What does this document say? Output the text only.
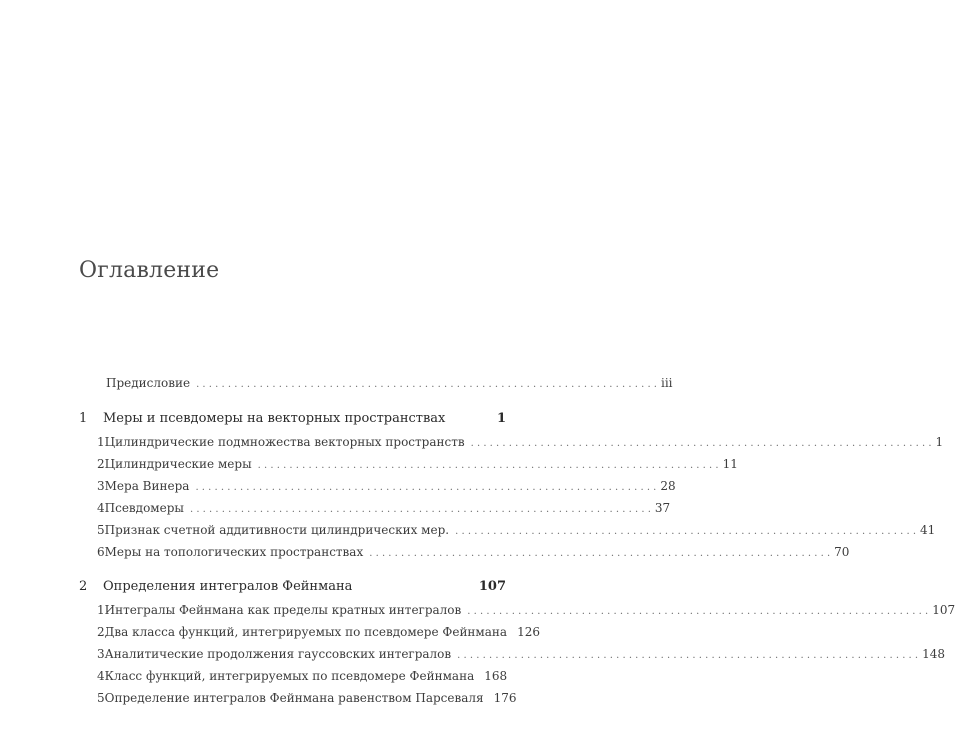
Оглавление
Предисловие . . .	iii
1	Меры и псевдомеры на векторных пространствах	1
1 Цилиндрические подмножества векторных пространств . . .	1
2 Цилиндрические меры . . .	11
3 Мера Винера . . .	28
4 Псевдомеры . . .	37
5 Признак счетной аддитивности цилиндрических мер. . . .	41
6 Меры на топологических пространствах . . .	70
2	Определения интегралов Фейнмана	107
1 Интегралы Фейнмана как пределы кратных интегралов . . .	107
2 Два класса функций, интегрируемых по псевдомере Фейнмана 126
3 Аналитические продолжения гауссовских интегралов . . .	148
4 Класс функций, интегрируемых по псевдомере Фейнмана 168
5 Определение интегралов Фейнмана равенством Парсеваля 176
